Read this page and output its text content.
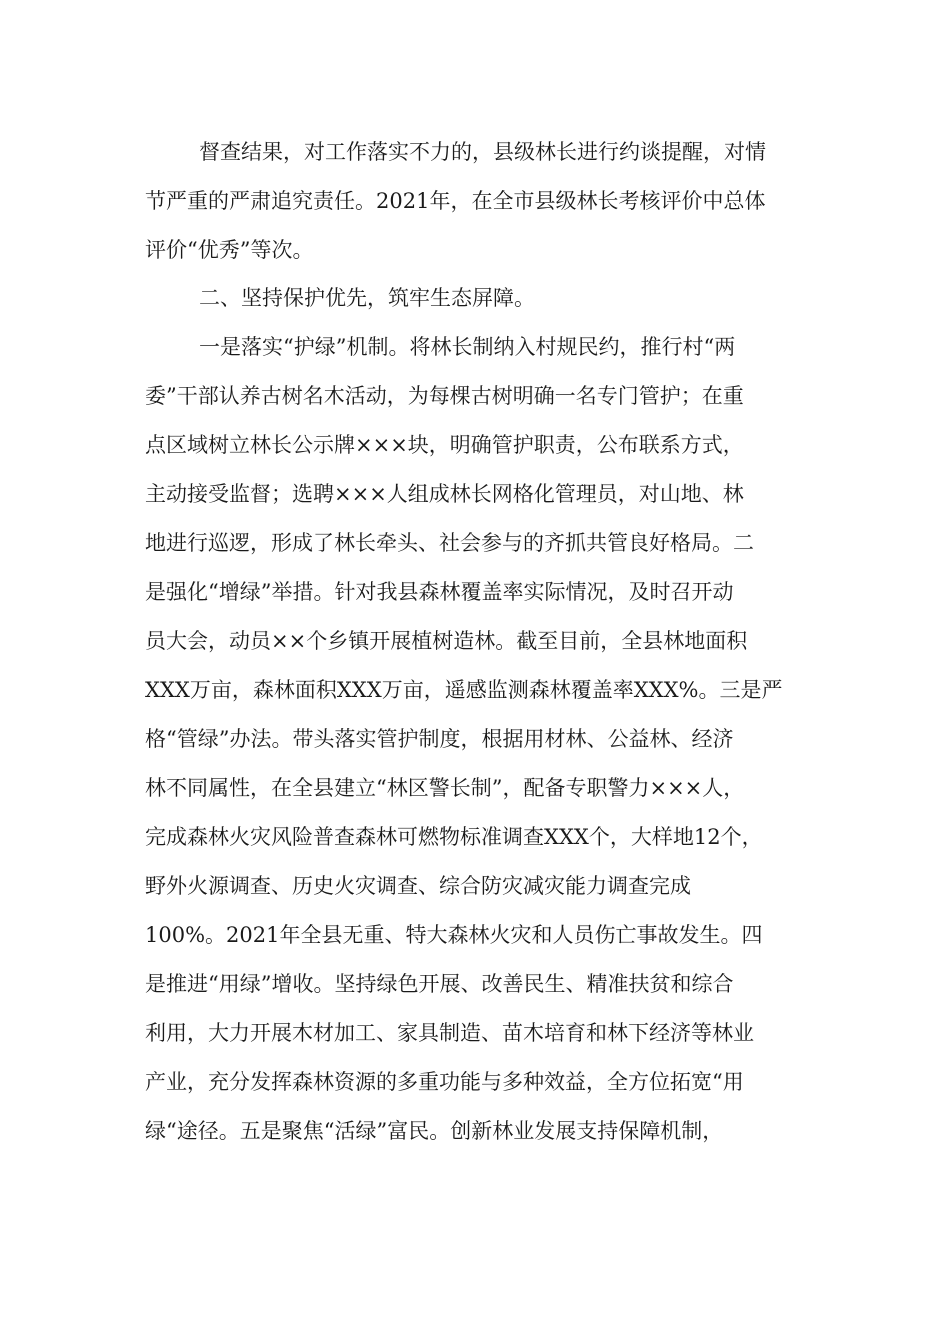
督查结果，对工作落实不力的，县级林长进行约谈提醒，对情
节严重的严肃追究责任。2021年，在全市县级林长考核评价中总体
评价“优秀”等次。
二、坚持保护优先，筑牢生态屏障。
一是落实“护绿”机制。将林长制纳入村规民约，推行村“两
委”干部认养古树名木活动，为每棵古树明确一名专门管护；在重
点区域树立林长公示牌×××块，明确管护职责，公布联系方式，
主动接受监督；选聘×××人组成林长网格化管理员，对山地、林
地进行巡逻，形成了林长牵头、社会参与的齐抓共管良好格局。二
是强化“增绿”举措。针对我县森林覆盖率实际情况，及时召开动
员大会，动员××个乡镇开展植树造林。截至目前，全县林地面积
XXX万亩，森林面积XXX万亩，遥感监测森林覆盖率XXX%。三是严
格“管绿”办法。带头落实管护制度，根据用材林、公益林、经济
林不同属性，在全县建立“林区警长制”，配备专职警力×××人，
完成森林火灾风险普查森林可燃物标准调查XXX个，大样地12个，
野外火源调查、历史火灾调查、综合防灾减灾能力调查完成
100%。2021年全县无重、特大森林火灾和人员伤亡事故发生。四
是推进“用绿”增收。坚持绿色开展、改善民生、精准扶贫和综合
利用，大力开展木材加工、家具制造、苗木培育和林下经济等林业
产业，充分发挥森林资源的多重功能与多种效益，全方位拓宽“用
绿“途径。五是聚焦“活绿”富民。创新林业发展支持保障机制，
